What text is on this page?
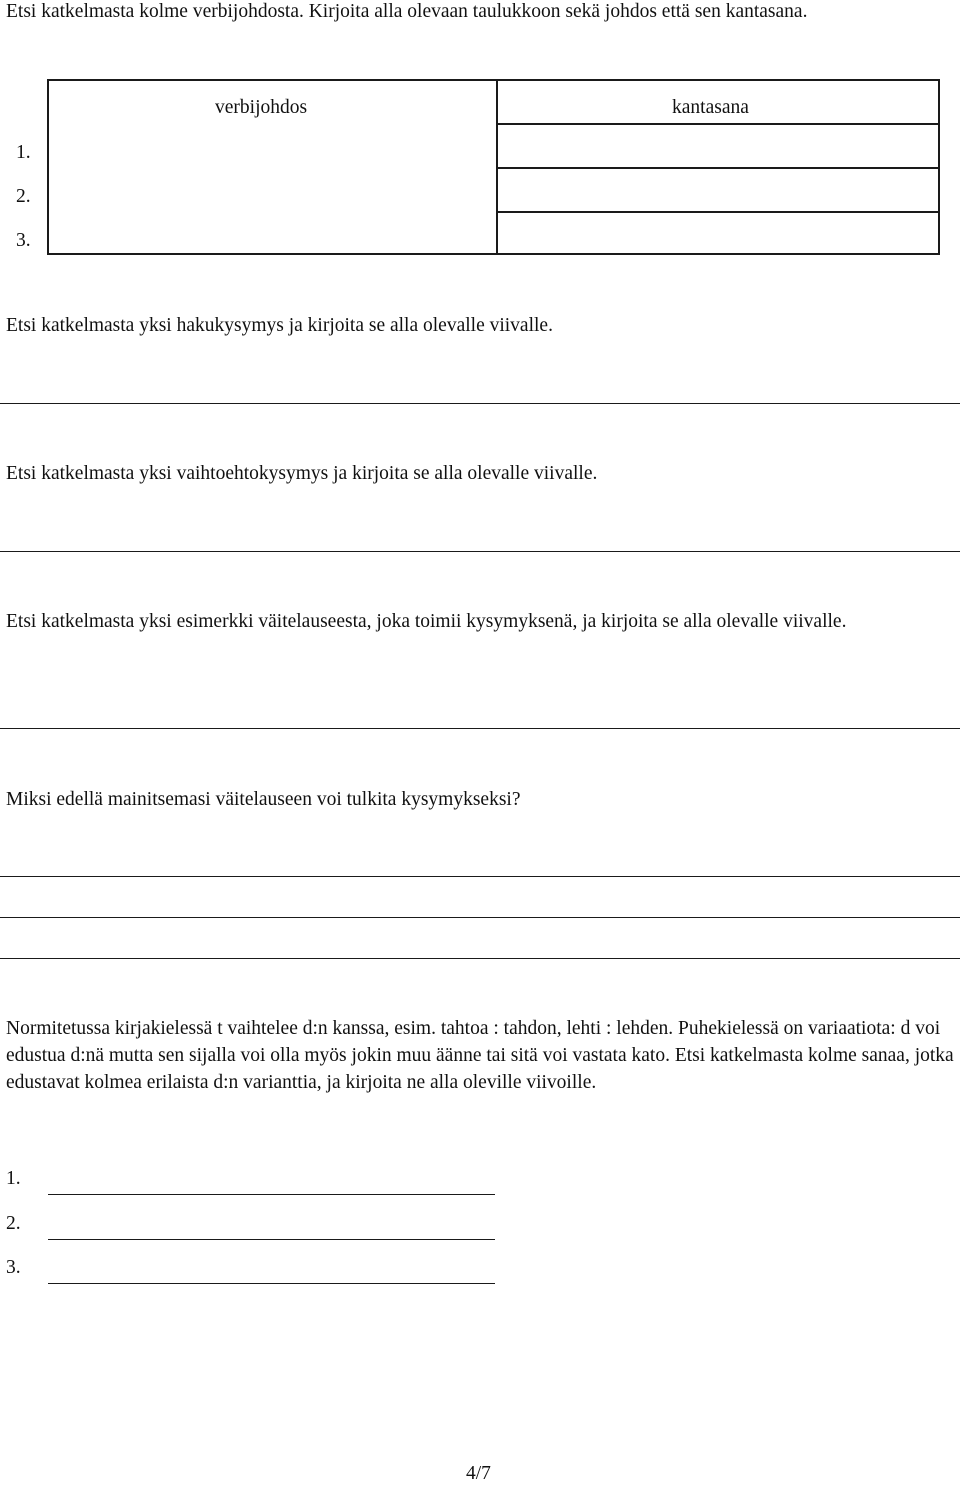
Etsi katkelmasta kolme verbijohdosta. Kirjoita alla olevaan taulukkoon sekä johdos että sen kantasana.
verbijohdos	kantasana
1.
2.
3.
Etsi katkelmasta yksi hakukysymys ja kirjoita se alla olevalle viivalle.
Etsi katkelmasta yksi vaihtoehtokysymys ja kirjoita se alla olevalle viivalle.
Etsi katkelmasta yksi esimerkki väitelauseesta, joka toimii kysymyksenä, ja kirjoita se alla olevalle viivalle.
Miksi edellä mainitsemasi väitelauseen voi tulkita kysymykseksi?
Normitetussa kirjakielessä t vaihtelee d:n kanssa, esim. tahtoa : tahdon, lehti : lehden. Puhekielessä on variaatiota: d voi edustua d:nä mutta sen sijalla voi olla myös jokin muu äänne tai sitä voi vastata kato. Etsi katkelmasta kolme sanaa, jotka edustavat kolmea erilaista d:n varianttia, ja kirjoita ne alla oleville viivoille.
1.
2.
3.
4/7
